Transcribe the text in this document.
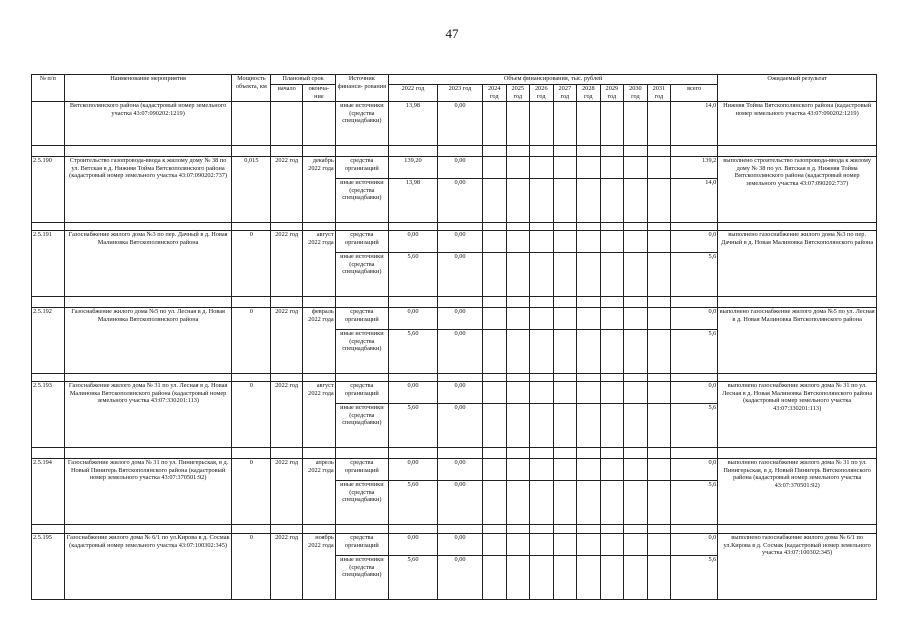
47
№ п/п	Наименование мероприятия	Мощность объекта, км	Плановый срок		Источник финанси- рования	Объем финансирования, тыс. рублей											Ожидаемый результат
			начало	оконча- ние		2022 год	2023 год	2024 год	2025 год	2026 год	2027 год	2028 год	2029 год	2030 год	2031 год	всего	

	Вятскополянского района (кадастровый номер земельного участка 43:07:090202:1219)				иные источники (средства спецнадбавки)	13,98	0,00									14,0	Нижняя Тойма Вятскополянского района (кадастровый номер земельного участка 43:07:090202:1219)

2.5.190	Строительство газопровода-ввода к жилому дому № 38 по ул. Вятская в д. Нижняя Тойма Вятскополянского района (кадастровый номер земельного участка 43:07:090202:737)	0,015	2022 год	декабрь 2022 года	средства организаций	139,20	0,00									139,2	выполнено строительство газопровода-ввода к жилому дому № 38 по ул. Вятская в д. Нижняя Тойма Вятскополянского района (кадастровый номер земельного участка 43:07:090202:737)
					иные источники (средства спецнадбавки)	13,98	0,00									14,0	

2.5.191	Газоснабжение жилого дома №3 по пер. Дачный в д. Новая Малиновка Вятскополянского района	0	2022 год	август 2022 года	средства организаций	0,00	0,00									0,0	выполнено газоснабжение жилого дома №3 по пер. Дачный в д. Новая Малиновка Вятскополянского района
					иные источники (средства спецнадбавки)	5,60	0,00									5,6	

2.5.192	Газоснабжение жилого дома №5 по ул. Лесная в д. Новая Малиновка Вятскополянского района	0	2022 год	февраль 2022 года	средства организаций	0,00	0,00									0,0	выполнено газоснабжение жилого дома №5 по ул. Лесная в д. Новая Малиновка Вятскополянского района
					иные источники (средства спецнадбавки)	5,60	0,00									5,6	

2.5.193	Газоснабжение жилого дома № 31 по ул. Лесная в д. Новая Малиновка Вятскополянского района (кадастровый номер земельного участка 43:07:330201:113)	0	2022 год	август 2022 года	средства организаций	0,00	0,00									0,0	выполнено газоснабжение жилого дома № 31 по ул. Лесная в д. Новая Малиновка Вятскополянского района (кадастровый номер земельного участка 43:07:330201:113)
					иные источники (средства спецнадбавки)	5,60	0,00									5,6	

2.5.194	Газоснабжение жилого дома № 31 по ул. Пинигерьская, в д. Новый Пинигерь Вятскополянского района (кадастровый номер земельного участка 43:07:370501:92)	0	2022 год	апрель 2022 года	средства организаций	0,00	0,00									0,0	выполнено газоснабжение жилого дома № 31 по ул. Пинигерьская, в д. Новый Пинигерь Вятскополянского района (кадастровый номер земельного участка 43:07:370501:92)
					иные источники (средства спецнадбавки)	5,60	0,00									5,6	

2.5.195	Газоснабжение жилого дома № 6/1 по ул.Кирова в д. Сосмак (кадастровый номер земельного участка 43:07:100302:345)	0	2022 год	ноябрь 2022 года	средства организаций	0,00	0,00									0,0	выполнено газоснабжение жилого дома № 6/1 по ул.Кирова в д. Сосмак (кадастровый номер земельного участка 43:07:100302:345)
					иные источники (средства спецнадбавки)	5,60	0,00									5,6	
